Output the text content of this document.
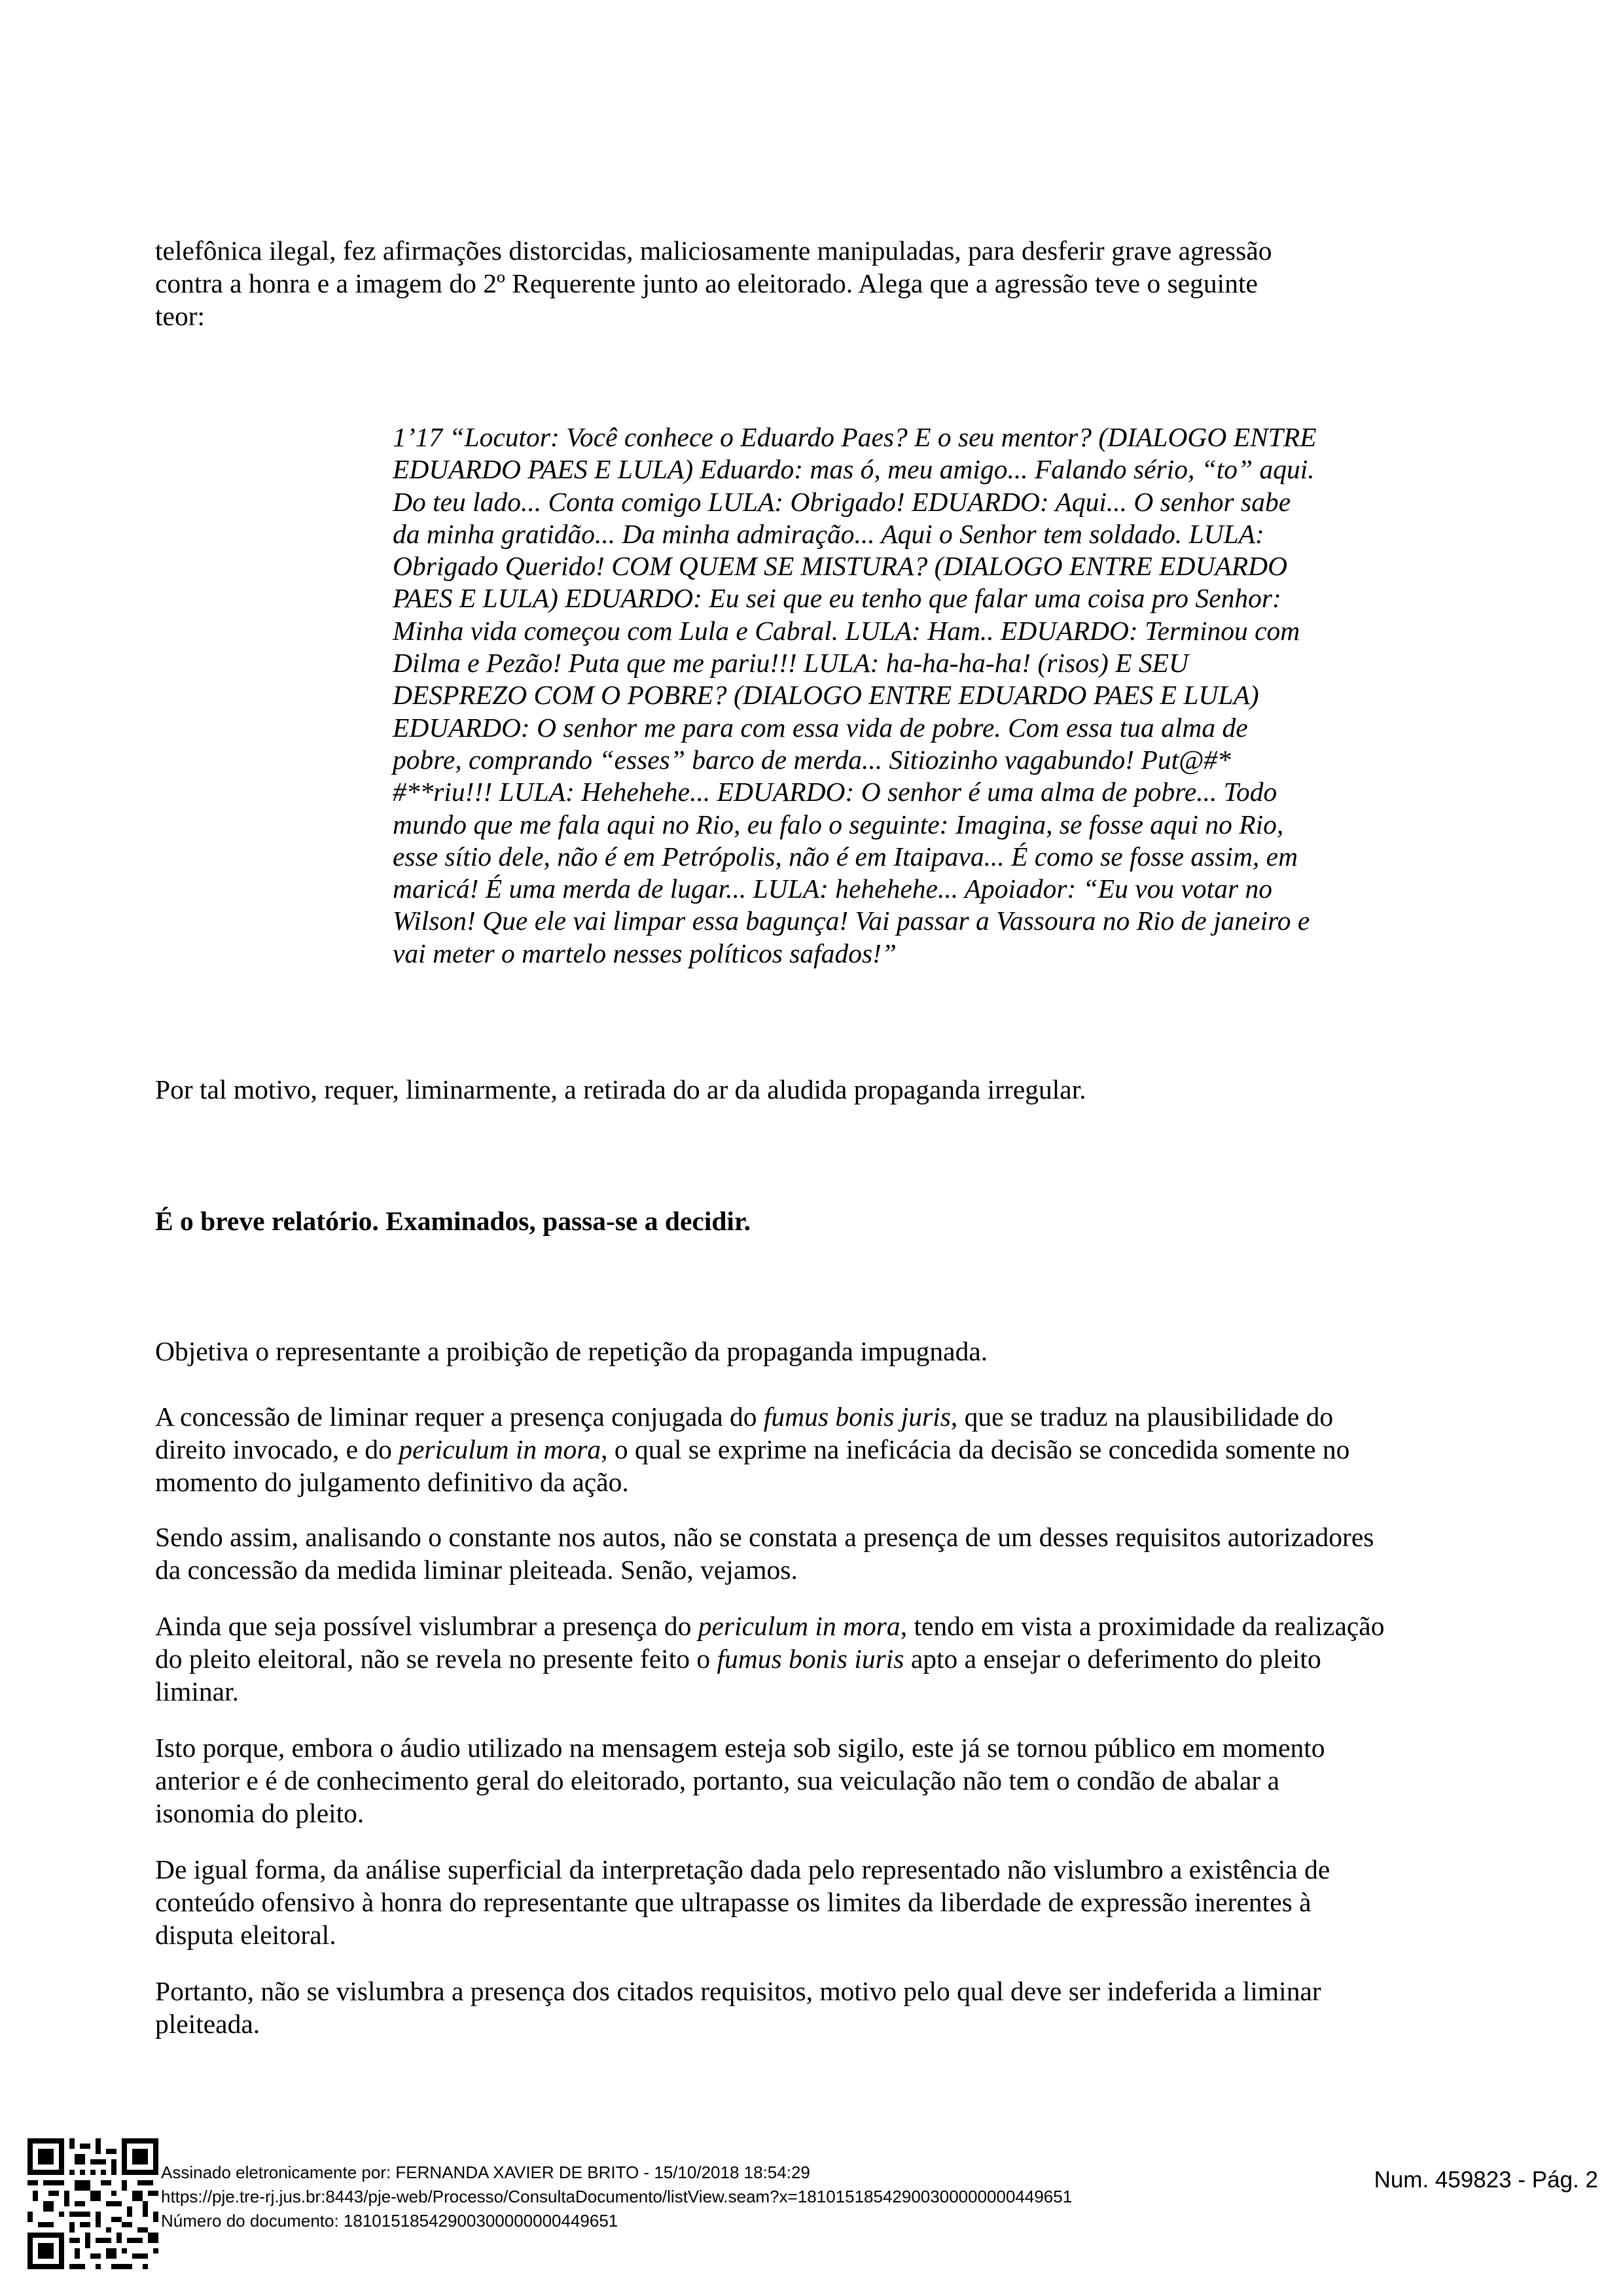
telefônica ilegal, fez afirmações distorcidas, maliciosamente manipuladas, para desferir grave agressão
contra a honra e a imagem do 2º Requerente junto ao eleitorado. Alega que a agressão teve o seguinte
teor:
1’17 “Locutor: Você conhece o Eduardo Paes? E o seu mentor? (DIALOGO ENTRE
EDUARDO PAES E LULA) Eduardo: mas ó, meu amigo... Falando sério, “to” aqui.
Do teu lado... Conta comigo LULA: Obrigado! EDUARDO: Aqui... O senhor sabe
da minha gratidão... Da minha admiração... Aqui o Senhor tem soldado. LULA:
Obrigado Querido! COM QUEM SE MISTURA? (DIALOGO ENTRE EDUARDO
PAES E LULA) EDUARDO: Eu sei que eu tenho que falar uma coisa pro Senhor:
Minha vida começou com Lula e Cabral. LULA: Ham.. EDUARDO: Terminou com
Dilma e Pezão! Puta que me pariu!!! LULA: ha-ha-ha-ha! (risos) E SEU
DESPREZO COM O POBRE? (DIALOGO ENTRE EDUARDO PAES E LULA)
EDUARDO: O senhor me para com essa vida de pobre. Com essa tua alma de
pobre, comprando “esses” barco de merda... Sitiozinho vagabundo! Put@#*
#**riu!!! LULA: Hehehehe... EDUARDO: O senhor é uma alma de pobre... Todo
mundo que me fala aqui no Rio, eu falo o seguinte: Imagina, se fosse aqui no Rio,
esse sítio dele, não é em Petrópolis, não é em Itaipava... É como se fosse assim, em
maricá! É uma merda de lugar... LULA: hehehehe... Apoiador: “Eu vou votar no
Wilson! Que ele vai limpar essa bagunça! Vai passar a Vassoura no Rio de janeiro e
vai meter o martelo nesses políticos safados!”

Por tal motivo, requer, liminarmente, a retirada do ar da aludida propaganda irregular.

É o breve relatório. Examinados, passa-se a decidir.

Objetiva o representante a proibição de repetição da propaganda impugnada.

A concessão de liminar requer a presença conjugada do fumus bonis juris, que se traduz na plausibilidade do direito invocado, e do periculum in mora, o qual se exprime na ineficácia da decisão se concedida somente no momento do julgamento definitivo da ação.

Sendo assim, analisando o constante nos autos, não se constata a presença de um desses requisitos autorizadores da concessão da medida liminar pleiteada. Senão, vejamos.

Ainda que seja possível vislumbrar a presença do periculum in mora, tendo em vista a proximidade da realização do pleito eleitoral, não se revela no presente feito o fumus bonis iuris apto a ensejar o deferimento do pleito liminar.

Isto porque, embora o áudio utilizado na mensagem esteja sob sigilo, este já se tornou público em momento anterior e é de conhecimento geral do eleitorado, portanto, sua veiculação não tem o condão de abalar a isonomia do pleito.

De igual forma, da análise superficial da interpretação dada pelo representado não vislumbro a existência de conteúdo ofensivo à honra do representante que ultrapasse os limites da liberdade de expressão inerentes à disputa eleitoral.

Portanto, não se vislumbra a presença dos citados requisitos, motivo pelo qual deve ser indeferida a liminar pleiteada.

Assinado eletronicamente por: FERNANDA XAVIER DE BRITO - 15/10/2018 18:54:29
https://pje.tre-rj.jus.br:8443/pje-web/Processo/ConsultaDocumento/listView.seam?x=18101518542900300000000449651
Número do documento: 18101518542900300000000449651
Num. 459823 - Pág. 2
